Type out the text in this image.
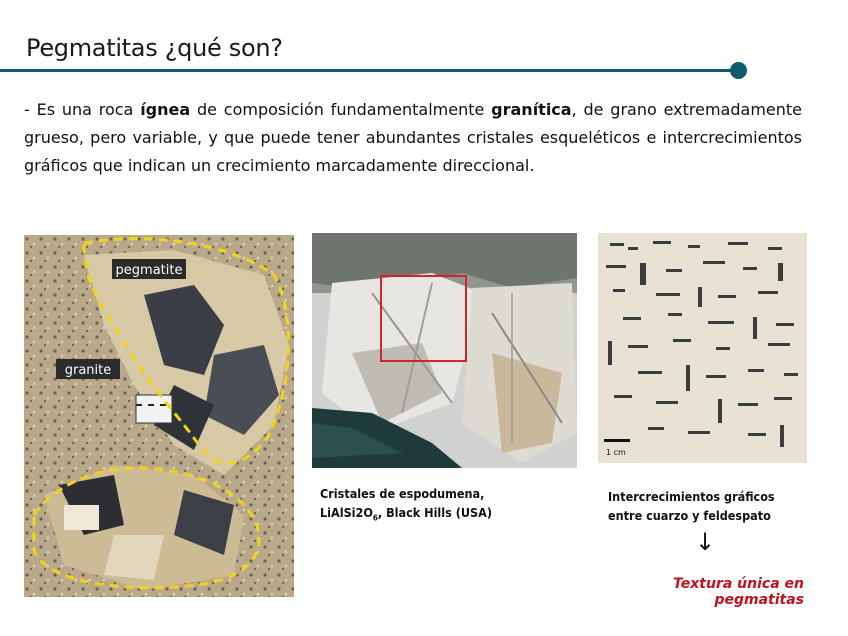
Pegmatitas ¿qué son?

- Es una roca ígnea de composición fundamentalmente granítica, de grano extremadamente grueso, pero variable, y que puede tener abundantes cristales esqueléticos e intercrecimientos gráficos que indican un crecimiento marcadamente direccional.

pegmatite
granite
1 cm
Cristales de espodumena,
$LiAlSi2O_6$, Black Hills (USA)
Intercrecimientos gráficos
entre cuarzo y feldespato
↓
Textura única en pegmatitas
